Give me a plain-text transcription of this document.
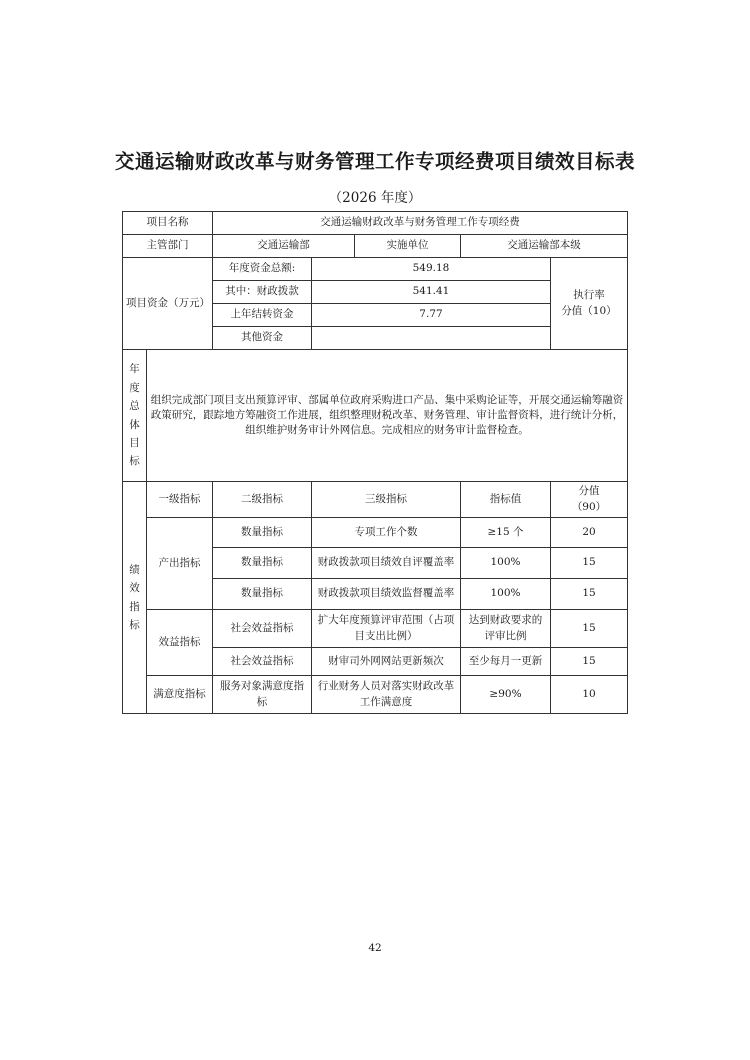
交通运输财政改革与财务管理工作专项经费项目绩效目标表
（2026 年度）
项目名称		交通运输财政改革与财务管理工作专项经费				
主管部门		交通运输部		实施单位	交通运输部本级	
项目资金（万元）		年度资金总额:	549.18			执行率
分值（10）

		其中：财政拨款	541.41			
		上年结转资金	7.77			
		其他资金				

年度总体目标	组织完成部门项目支出预算评审、部属单位政府采购进口产品、集中采购论证等，开展交通运输筹融资政策研究，跟踪地方筹融资工作进展，组织整理财税改革、财务管理、审计监督资料，进行统计分析，组织维护财务审计外网信息。完成相应的财务审计监督检查。					

绩效指标	一级指标	二级指标	三级指标		指标值	分值
（90）

	产出指标	数量指标	专项工作个数		≥15 个	20
		数量指标	财政拨款项目绩效自评覆盖率		100%	15
		数量指标	财政拨款项目绩效监督覆盖率		100%	15
	效益指标	社会效益指标	扩大年度预算评审范围（占项目支出比例）		达到财政要求的评审比例	15
		社会效益指标	财审司外网网站更新频次		至少每月一更新	15
	满意度指标	服务对象满意度指标	行业财务人员对落实财政改革工作满意度		≥90%	10
42
